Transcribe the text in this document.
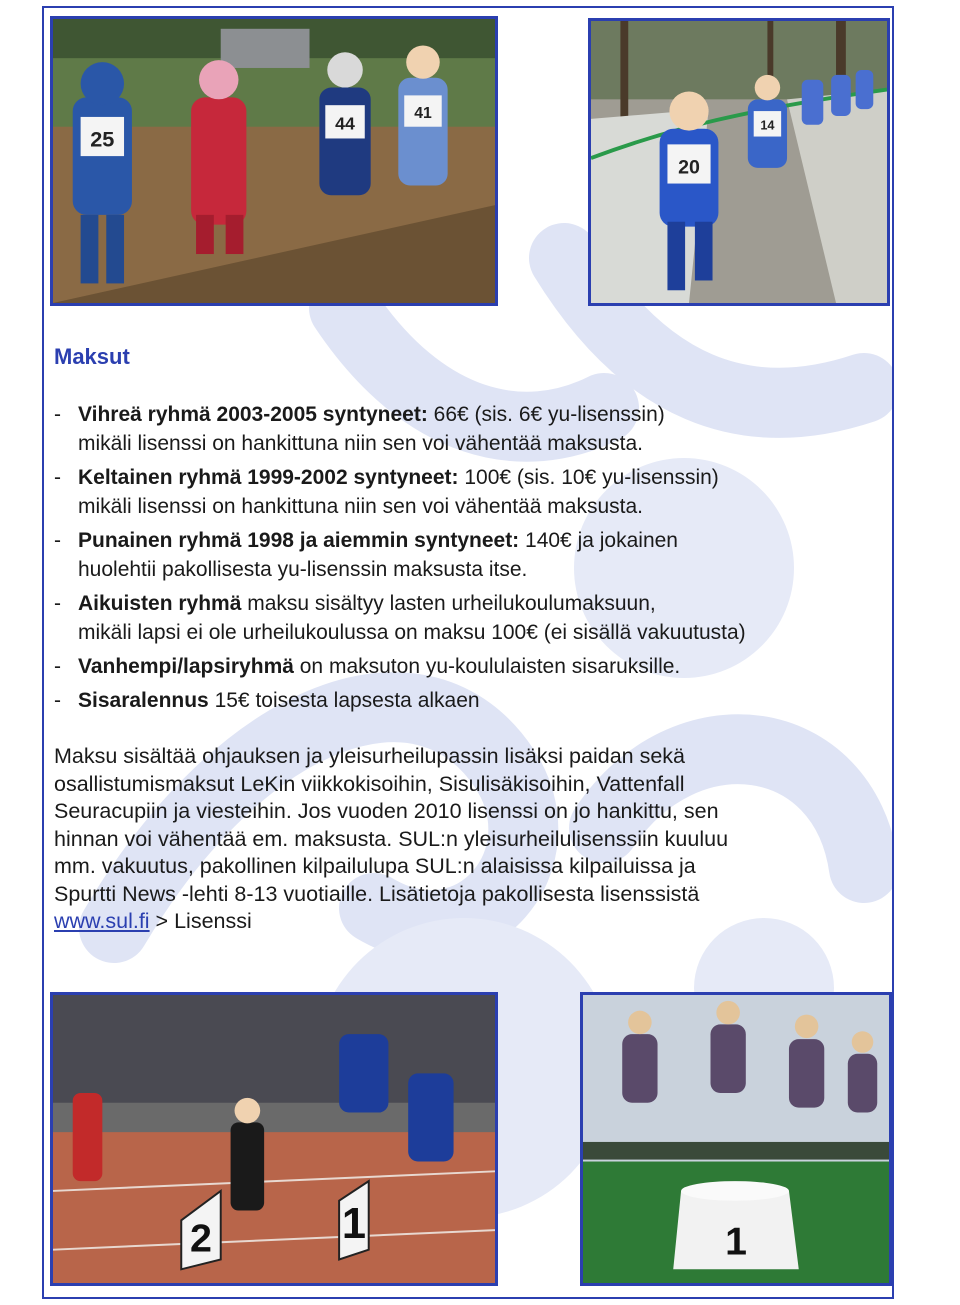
25
44
41
20
14
Maksut
- Vihreä ryhmä 2003-2005 syntyneet: 66€ (sis. 6€ yu-lisenssin)
mikäli lisenssi on hankittuna niin sen voi vähentää maksusta.
- Keltainen ryhmä 1999-2002 syntyneet: 100€ (sis. 10€ yu-lisenssin)
mikäli lisenssi on hankittuna niin sen voi vähentää maksusta.
- Punainen ryhmä 1998 ja aiemmin syntyneet: 140€ ja jokainen
huolehtii pakollisesta yu-lisenssin maksusta itse.
- Aikuisten ryhmä maksu sisältyy lasten urheilukoulumaksuun,
mikäli lapsi ei ole urheilukoulussa on maksu 100€ (ei sisällä vakuutusta)
- Vanhempi/lapsiryhmä on maksuton yu-koululaisten sisaruksille.
- Sisaralennus 15€ toisesta lapsesta alkaen

Maksu sisältää ohjauksen ja yleisurheilupassin lisäksi paidan sekä
osallistumismaksut LeKin viikkokisoihin, Sisulisäkisoihin, Vattenfall
Seuracupiin ja viesteihin. Jos vuoden 2010 lisenssi on jo hankittu, sen
hinnan voi vähentää em. maksusta. SUL:n yleisurheilulisenssiin kuuluu
mm. vakuutus, pakollinen kilpailulupa SUL:n alaisissa kilpailuissa ja
Spurtti News -lehti 8-13 vuotiaille. Lisätietoja pakollisesta lisenssistä
www.sul.fi > Lisenssi

2	1	1
